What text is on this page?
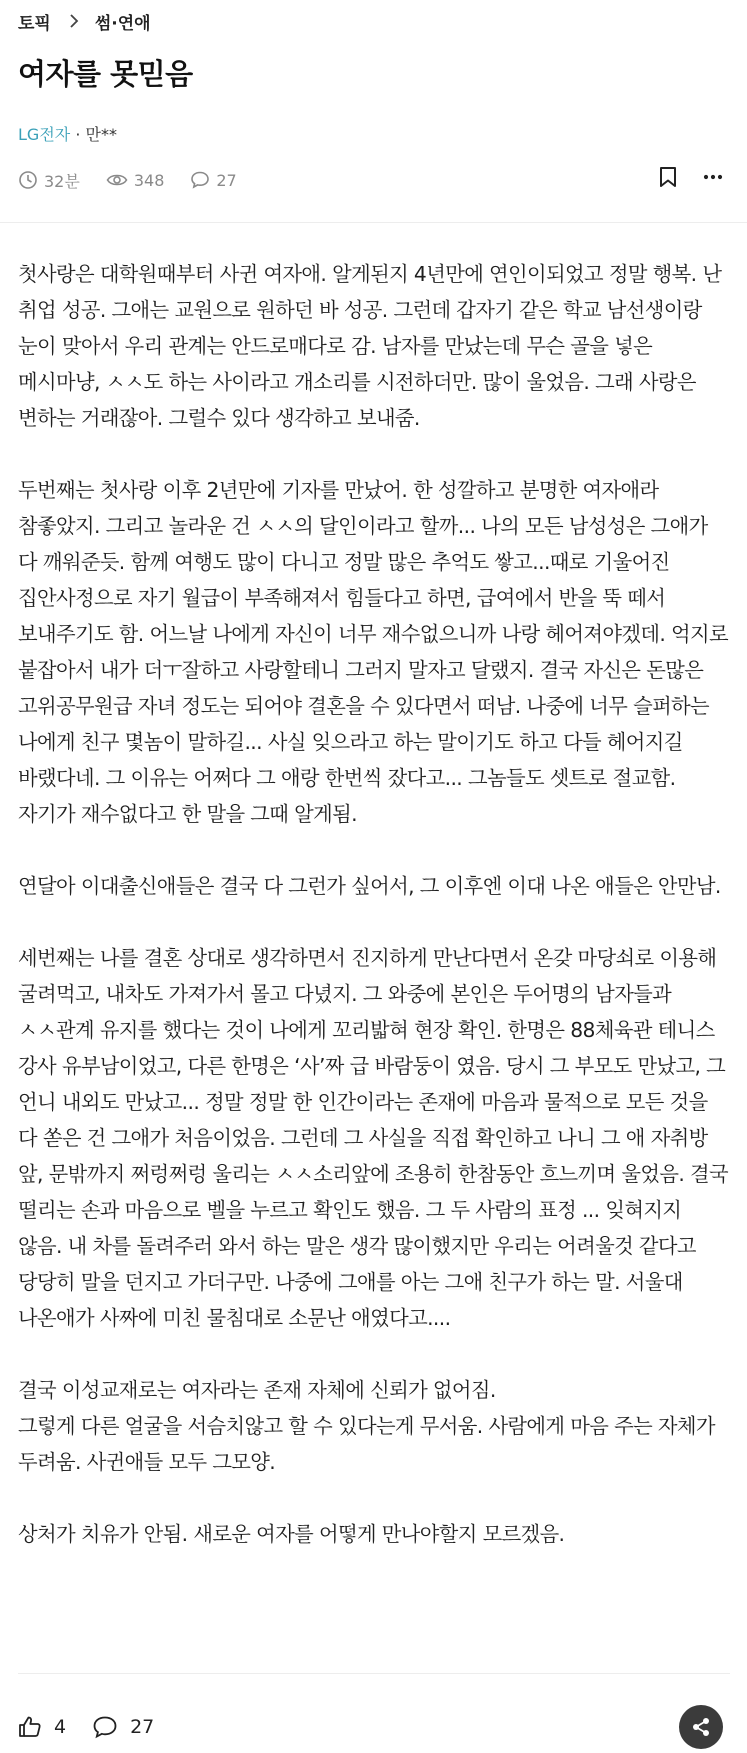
토픽	썸·연애
여자를 못믿음
LG전자 · 만**
32분	348	27

첫사랑은 대학원때부터 사귄 여자애. 알게된지 4년만에 연인이되었고 정말 행복. 난 취업 성공. 그애는 교원으로 원하던 바 성공. 그런데 갑자기 같은 학교 남선생이랑 눈이 맞아서 우리 관계는 안드로매다로 감. 남자를 만났는데 무슨 골을 넣은 메시마냥, ㅅㅅ도 하는 사이라고 개소리를 시전하더만. 많이 울었음. 그래 사랑은 변하는 거래잖아. 그럴수 있다 생각하고 보내줌.

두번째는 첫사랑 이후 2년만에 기자를 만났어. 한 성깔하고 분명한 여자애라 참좋았지. 그리고 놀라운 건 ㅅㅅ의 달인이라고 할까... 나의 모든 남성성은 그애가 다 깨워준듯. 함께 여행도 많이 다니고 정말 많은 추억도 쌓고...때로 기울어진 집안사정으로 자기 월급이 부족해져서 힘들다고 하면, 급여에서 반을 뚝 떼서 보내주기도 함. 어느날 나에게 자신이 너무 재수없으니까 나랑 헤어져야겠데. 억지로 붙잡아서 내가 더ㅜ잘하고 사랑할테니 그러지 말자고 달랬지. 결국 자신은 돈많은 고위공무원급 자녀 정도는 되어야 결혼을 수 있다면서 떠남. 나중에 너무 슬퍼하는 나에게 친구 몇놈이 말하길... 사실 잊으라고 하는 말이기도 하고 다들 헤어지길 바랬다네. 그 이유는 어쩌다 그 애랑 한번씩 잤다고... 그놈들도 셋트로 절교함. 자기가 재수없다고 한 말을 그때 알게됨.

연달아 이대출신애들은 결국 다 그런가 싶어서, 그 이후엔 이대 나온 애들은 안만남.

세번째는 나를 결혼 상대로 생각하면서 진지하게 만난다면서 온갖 마당쇠로 이용해 굴려먹고, 내차도 가져가서 몰고 다녔지. 그 와중에 본인은 두어명의 남자들과 ㅅㅅ관계 유지를 했다는 것이 나에게 꼬리밟혀 현장 확인. 한명은 88체육관 테니스 강사 유부남이었고, 다른 한명은 ‘사’짜 급 바람둥이 였음. 당시 그 부모도 만났고, 그 언니 내외도 만났고... 정말 정말 한 인간이라는 존재에 마음과 물적으로 모든 것을 다 쏟은 건 그애가 처음이었음. 그런데 그 사실을 직접 확인하고 나니 그 애 자취방 앞, 문밖까지 쩌렁쩌렁 울리는 ㅅㅅ소리앞에 조용히 한참동안 흐느끼며 울었음. 결국 떨리는 손과 마음으로 벨을 누르고 확인도 했음. 그 두 사람의 표정 ... 잊혀지지 않음. 내 차를 돌려주러 와서 하는 말은 생각 많이했지만 우리는 어려울것 같다고 당당히 말을 던지고 가더구만. 나중에 그애를 아는 그애 친구가 하는 말. 서울대 나온애가 사짜에 미친 물침대로 소문난 애였다고....

결국 이성교재로는 여자라는 존재 자체에 신뢰가 없어짐.
그렇게 다른 얼굴을 서슴치않고 할 수 있다는게 무서움. 사람에게 마음 주는 자체가 두려움. 사귄애들 모두 그모양.

상처가 치유가 안됨. 새로운 여자를 어떻게 만나야할지 모르겠음.

4	27
